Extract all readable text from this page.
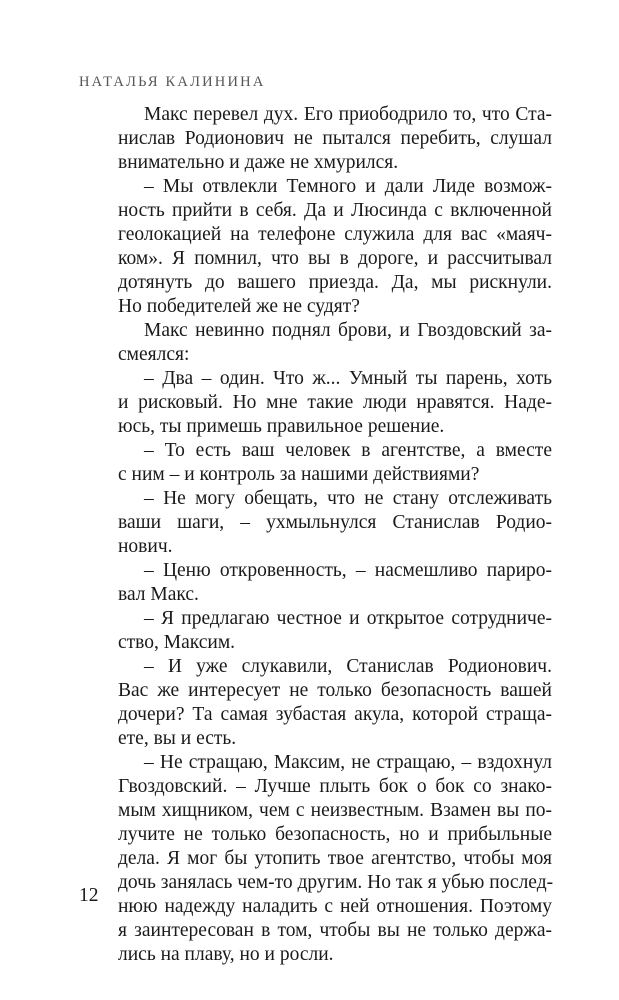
НАТАЛЬЯ КАЛИНИНА
Макс перевел дух. Его приободрило то, что Ста-
нислав Родионович не пытался перебить, слушал
внимательно и даже не хмурился.
– Мы отвлекли Темного и дали Лиде возмож-
ность прийти в себя. Да и Люсинда с включенной
геолокацией на телефоне служила для вас «маяч-
ком». Я помнил, что вы в дороге, и рассчитывал
дотянуть до вашего приезда. Да, мы рискнули.
Но победителей же не судят?
Макс невинно поднял брови, и Гвоздовский за-
смеялся:
– Два – один. Что ж... Умный ты парень, хоть
и рисковый. Но мне такие люди нравятся. Наде-
юсь, ты примешь правильное решение.
– То есть ваш человек в агентстве, а вместе
с ним – и контроль за нашими действиями?
– Не могу обещать, что не стану отслеживать
ваши шаги, – ухмыльнулся Станислав Родио-
нович.
– Ценю откровенность, – насмешливо париро-
вал Макс.
– Я предлагаю честное и открытое сотрудниче-
ство, Максим.
– И уже слукавили, Станислав Родионович.
Вас же интересует не только безопасность вашей
дочери? Та самая зубастая акула, которой стращa-
ете, вы и есть.
– Не стращаю, Максим, не стращаю, – вздохнул
Гвоздовский. – Лучше плыть бок о бок со знако-
мым хищником, чем с неизвестным. Взамен вы по-
лучите не только безопасность, но и прибыльные
дела. Я мог бы утопить твое агентство, чтобы моя
дочь занялась чем-то другим. Но так я убью послед-
нюю надежду наладить с ней отношения. Поэтому
я заинтересован в том, чтобы вы не только держа-
лись на плаву, но и росли.
12
